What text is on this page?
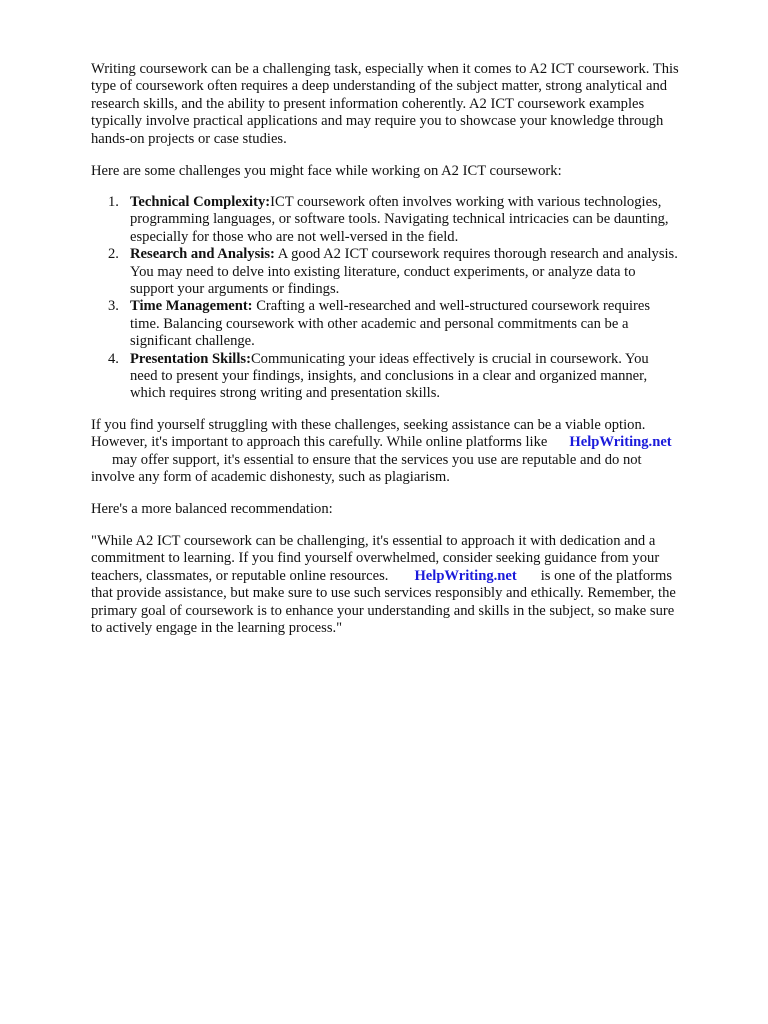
Writing coursework can be a challenging task, especially when it comes to A2 ICT coursework. This
type of coursework often requires a deep understanding of the subject matter, strong analytical and
research skills, and the ability to present information coherently. A2 ICT coursework examples
typically involve practical applications and may require you to showcase your knowledge through
hands-on projects or case studies.

Here are some challenges you might face while working on A2 ICT coursework:

1. Technical Complexity:ICT coursework often involves working with various technologies,
programming languages, or software tools. Navigating technical intricacies can be daunting,
especially for those who are not well-versed in the field.
2. Research and Analysis: A good A2 ICT coursework requires thorough research and analysis.
You may need to delve into existing literature, conduct experiments, or analyze data to
support your arguments or findings.
3. Time Management: Crafting a well-researched and well-structured coursework requires
time. Balancing coursework with other academic and personal commitments can be a
significant challenge.
4. Presentation Skills:Communicating your ideas effectively is crucial in coursework. You
need to present your findings, insights, and conclusions in a clear and organized manner,
which requires strong writing and presentation skills.

If you find yourself struggling with these challenges, seeking assistance can be a viable option.
However, it's important to approach this carefully. While online platforms like HelpWriting.net
may offer support, it's essential to ensure that the services you use are reputable and do not
involve any form of academic dishonesty, such as plagiarism.

Here's a more balanced recommendation:

"While A2 ICT coursework can be challenging, it's essential to approach it with dedication and a
commitment to learning. If you find yourself overwhelmed, consider seeking guidance from your
teachers, classmates, or reputable online resources. HelpWriting.net is one of the platforms
that provide assistance, but make sure to use such services responsibly and ethically. Remember, the
primary goal of coursework is to enhance your understanding and skills in the subject, so make sure
to actively engage in the learning process."
